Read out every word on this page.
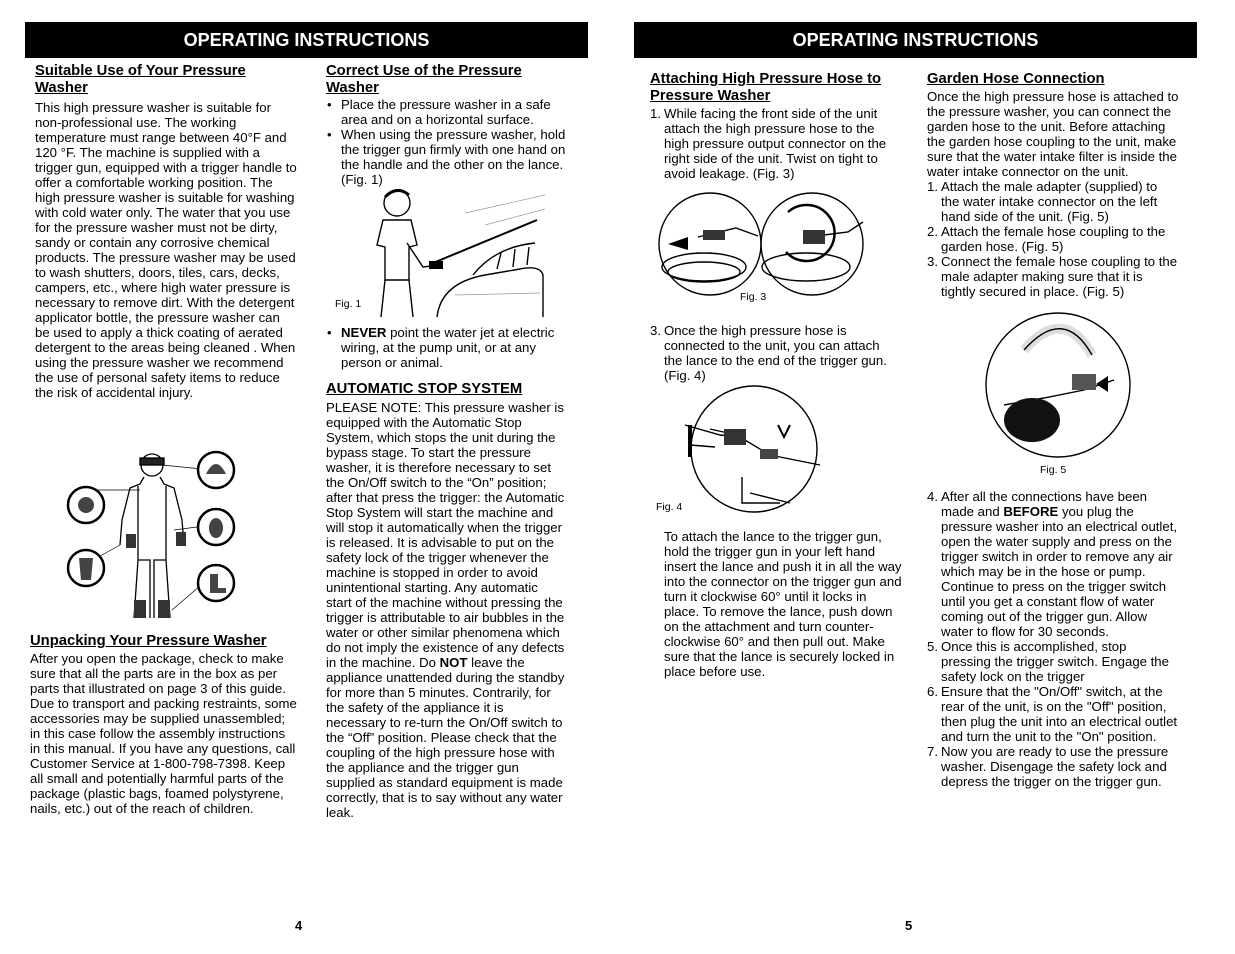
OPERATING INSTRUCTIONS
Suitable Use of Your Pressure Washer

This high pressure washer is suitable for non-professional use. The working temperature must range between 40°F and 120 °F. The machine is supplied with a trigger gun, equipped with a trigger handle to offer a comfortable working position. The high pressure washer is suitable for washing with cold water only. The water that you use for the pressure washer must not be dirty, sandy or contain any corrosive chemical products. The pressure washer may be used to wash shutters, doors, tiles, cars, decks, campers, etc., where high water pressure is necessary to remove dirt. With the detergent applicator bottle, the pressure washer can be used to apply a thick coating of aerated detergent to the areas being cleaned . When using the pressure washer we recommend the use of personal safety items to reduce the risk of accidental injury.

Unpacking Your Pressure Washer

After you open the package, check to make sure that all the parts are in the box as per parts that illustrated on page 3 of this guide. Due to transport and packing restraints, some accessories may be supplied unassembled; in this case follow the assembly instructions in this manual. If you have any questions, call Customer Service at 1-800-798-7398. Keep all small and potentially harmful parts of the package (plastic bags, foamed polystyrene, nails, etc.) out of the reach of children.

Correct Use of the Pressure Washer
• Place the pressure washer in a safe area and on a horizontal surface.
• When using the pressure washer, hold the trigger gun firmly with one hand on the handle and the other on the lance. (Fig. 1)
Fig. 1
• NEVER point the water jet at electric wiring, at the pump unit, or at any person or animal.
AUTOMATIC STOP SYSTEM

PLEASE NOTE: This pressure washer is equipped with the Automatic Stop System, which stops the unit during the bypass stage. To start the pressure washer, it is therefore necessary to set the On/Off switch to the “On” position; after that press the trigger: the Automatic Stop System will start the machine and will stop it automatically when the trigger is released. It is advisable to put on the safety lock of the trigger whenever the machine is stopped in order to avoid unintentional starting. Any automatic start of the machine without pressing the trigger is attributable to air bubbles in the water or other similar phenomena which do not imply the existence of any defects in the machine. Do NOT leave the appliance unattended during the standby for more than 5 minutes. Contrarily, for the safety of the appliance it is necessary to re-turn the On/Off switch to the “Off” position. Please check that the coupling of the high pressure hose with the appliance and the trigger gun supplied as standard equipment is made correctly, that is to say without any water leak.

4
OPERATING INSTRUCTIONS
Attaching High Pressure Hose to Pressure Washer
1. While facing the front side of the unit attach the high pressure hose to the high pressure output connector on the right side of the unit. Twist on tight to avoid leakage. (Fig. 3)
Fig. 3
3. Once the high pressure hose is connected to the unit, you can attach the lance to the end of the trigger gun. (Fig. 4)
Fig. 4

To attach the lance to the trigger gun, hold the trigger gun in your left hand insert the lance and push it in all the way into the connector on the trigger gun and turn it clockwise 60° until it locks in place. To remove the lance, push down on the attachment and turn counter-clockwise 60° and then pull out. Make sure that the lance is securely locked in place before use.

Garden Hose Connection

Once the high pressure hose is attached to the pressure washer, you can connect the garden hose to the unit. Before attaching the garden hose coupling to the unit, make sure that the water intake filter is inside the water intake connector on the unit.

1. Attach the male adapter (supplied) to the water intake connector on the left hand side of the unit. (Fig. 5)
2. Attach the female hose coupling to the garden hose. (Fig. 5)
3. Connect the female hose coupling to the male adapter making sure that it is tightly secured in place. (Fig. 5)
Fig. 5
4. After all the connections have been made and BEFORE you plug the pressure washer into an electrical outlet, open the water supply and press on the trigger switch in order to remove any air which may be in the hose or pump. Continue to press on the trigger switch until you get a constant flow of water coming out of the trigger gun. Allow water to flow for 30 seconds.
5. Once this is accomplished, stop pressing the trigger switch. Engage the safety lock on the trigger
6. Ensure that the "On/Off" switch, at the rear of the unit, is on the "Off" position, then plug the unit into an electrical outlet and turn the unit to the "On" position.
7. Now you are ready to use the pressure washer. Disengage the safety lock and depress the trigger on the trigger gun.
5
